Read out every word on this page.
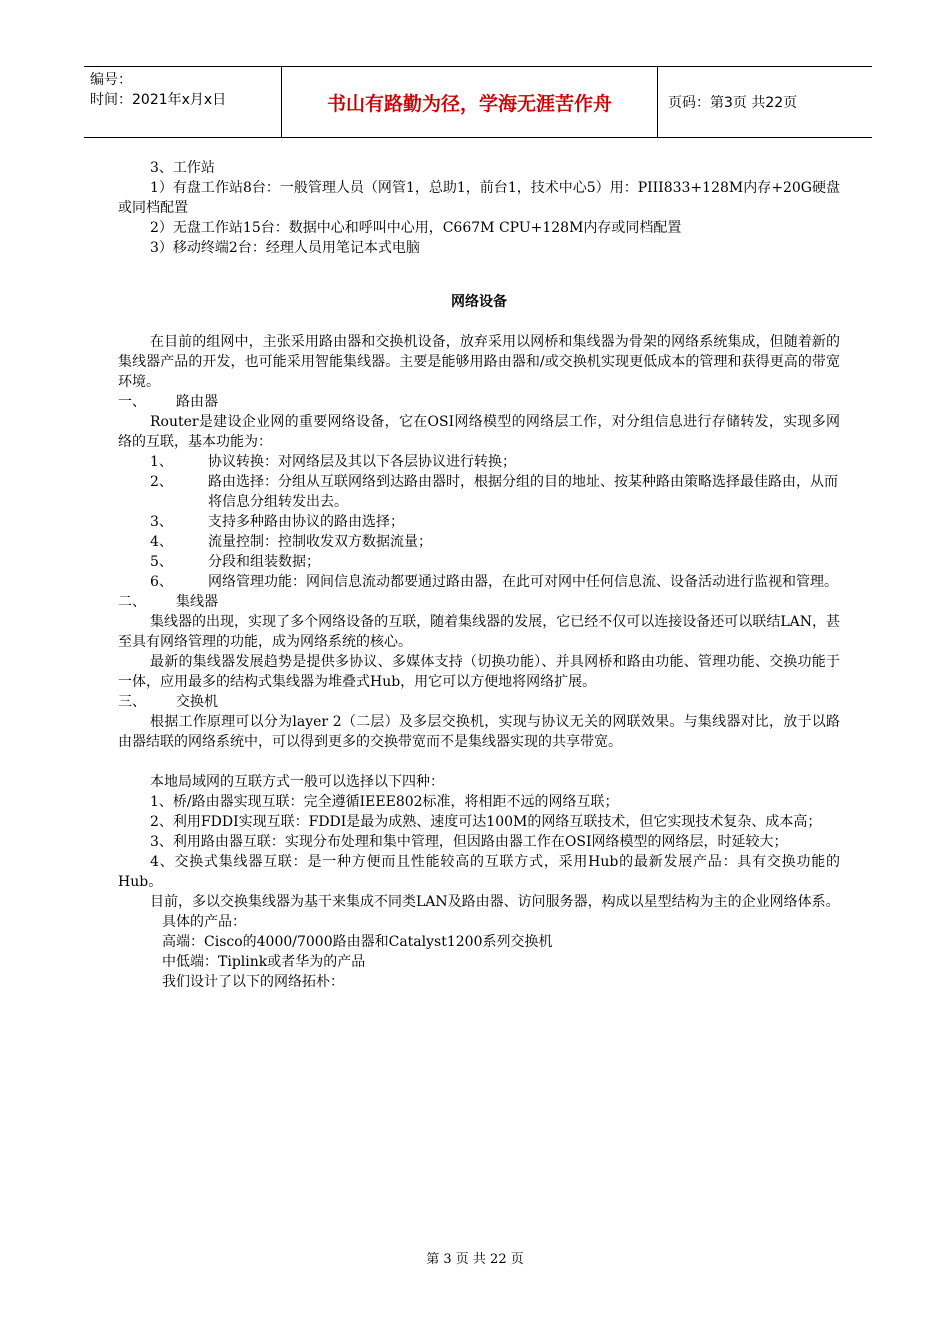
编号：
时间：2021年x月x日	书山有路勤为径，学海无涯苦作舟	页码：第3页 共22页

3、工作站

1）有盘工作站8台：一般管理人员（网管1，总助1，前台1，技术中心5）用：PIII833+128M内存+20G硬盘或同档配置

2）无盘工作站15台：数据中心和呼叫中心用，C667M CPU+128M内存或同档配置

3）移动终端2台：经理人员用笔记本式电脑

网络设备

在目前的组网中，主张采用路由器和交换机设备，放弃采用以网桥和集线器为骨架的网络系统集成，但随着新的集线器产品的开发，也可能采用智能集线器。主要是能够用路由器和/或交换机实现更低成本的管理和获得更高的带宽环境。

一、	路由器

Router是建设企业网的重要网络设备，它在OSI网络模型的网络层工作，对分组信息进行存储转发，实现多网络的互联，基本功能为：

1、	协议转换：对网络层及其以下各层协议进行转换；
2、	路由选择：分组从互联网络到达路由器时，根据分组的目的地址、按某种路由策略选择最佳路由，从而将信息分组转发出去。
3、	支持多种路由协议的路由选择；
4、	流量控制：控制收发双方数据流量；
5、	分段和组装数据；
6、	网络管理功能：网间信息流动都要通过路由器，在此可对网中任何信息流、设备活动进行监视和管理。
二、	集线器

集线器的出现，实现了多个网络设备的互联，随着集线器的发展，它已经不仅可以连接设备还可以联结LAN，甚至具有网络管理的功能，成为网络系统的核心。

最新的集线器发展趋势是提供多协议、多媒体支持（切换功能）、并具网桥和路由功能、管理功能、交换功能于一体，应用最多的结构式集线器为堆叠式Hub，用它可以方便地将网络扩展。

三、	交换机

根据工作原理可以分为layer 2（二层）及多层交换机，实现与协议无关的网联效果。与集线器对比，放于以路由器结联的网络系统中，可以得到更多的交换带宽而不是集线器实现的共享带宽。

本地局域网的互联方式一般可以选择以下四种：

1、桥/路由器实现互联：完全遵循IEEE802标准，将相距不远的网络互联；

2、利用FDDI实现互联：FDDI是最为成熟、速度可达100M的网络互联技术，但它实现技术复杂、成本高；

3、利用路由器互联：实现分布处理和集中管理，但因路由器工作在OSI网络模型的网络层，时延较大；

4、交换式集线器互联：是一种方便而且性能较高的互联方式，采用Hub的最新发展产品：具有交换功能的Hub。

目前，多以交换集线器为基干来集成不同类LAN及路由器、访问服务器，构成以星型结构为主的企业网络体系。

具体的产品：

高端：Cisco的4000/7000路由器和Catalyst1200系列交换机

中低端：Tiplink或者华为的产品

我们设计了以下的网络拓朴：

第 3 页 共 22 页
